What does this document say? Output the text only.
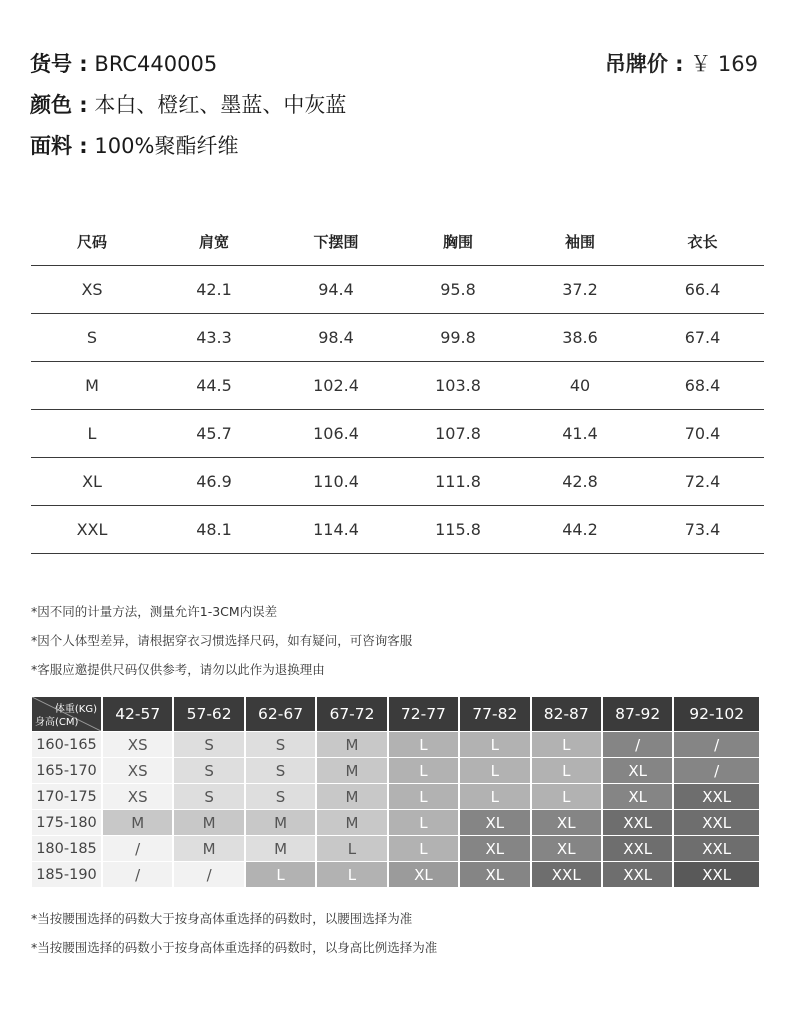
货号 : BRC440005	吊牌价 : ￥ 169
颜色 : 本白、橙红、墨蓝、中灰蓝
面料 : 100%聚酯纤维
尺码	肩宽	下摆围	胸围	袖围	衣长
XS	42.1	94.4	95.8	37.2	66.4
S	43.3	98.4	99.8	38.6	67.4
M	44.5	102.4	103.8	40	68.4
L	45.7	106.4	107.8	41.4	70.4
XL	46.9	110.4	111.8	42.8	72.4
XXL	48.1	114.4	115.8	44.2	73.4
*因不同的计量方法，测量允许1-3CM内误差
*因个人体型差异，请根据穿衣习惯选择尺码，如有疑问，可咨询客服
*客服应邀提供尺码仅供参考，请勿以此作为退换理由
体重(KG)
身高(CM)	42-57	57-62	62-67	67-72	72-77	77-82	82-87	87-92	92-102
160-165	XS	S	S	M	L	L	L	/	/
165-170	XS	S	S	M	L	L	L	XL	/
170-175	XS	S	S	M	L	L	L	XL	XXL
175-180	M	M	M	M	L	XL	XL	XXL	XXL
180-185	/	M	M	L	L	XL	XL	XXL	XXL
185-190	/	/	L	L	XL	XL	XXL	XXL	XXL
*当按腰围选择的码数大于按身高体重选择的码数时，以腰围选择为准
*当按腰围选择的码数小于按身高体重选择的码数时，以身高比例选择为准
